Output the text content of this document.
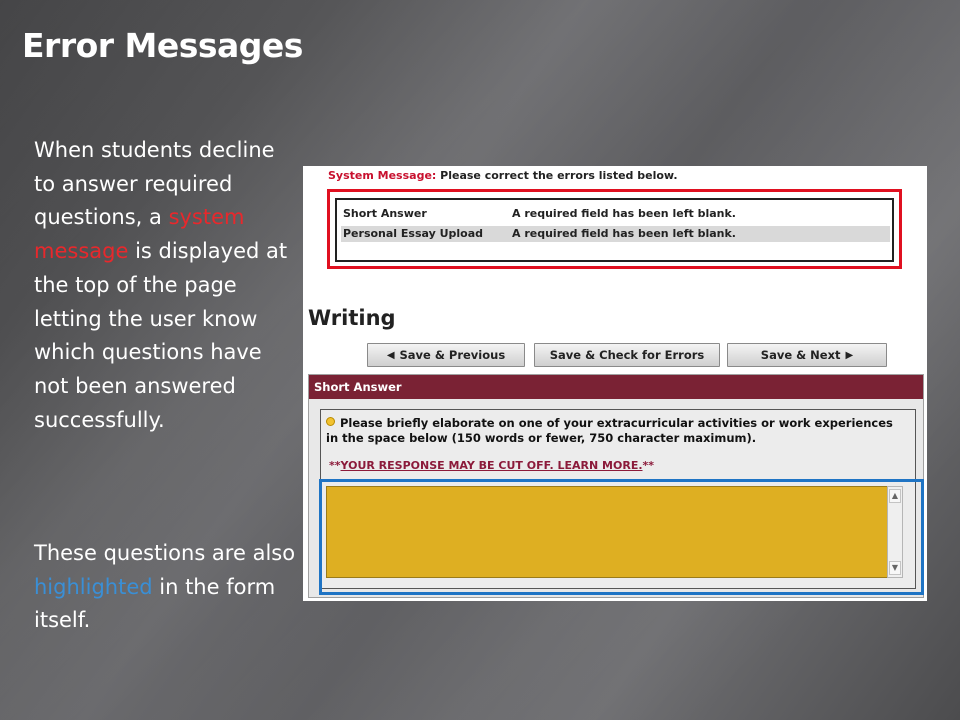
Error Messages
When students decline to answer required questions, a system message is displayed at the top of the page letting the user know which questions have not been answered successfully.
These questions are also highlighted in the form itself.
System Message: Please correct the errors listed below.
Short Answer	A required field has been left blank.
Personal Essay Upload	A required field has been left blank.
Writing
◀ Save & Previous	Save & Check for Errors	Save & Next ▶
Short Answer
Please briefly elaborate on one of your extracurricular activities or work experiences in the space below (150 words or fewer, 750 character maximum).
**YOUR RESPONSE MAY BE CUT OFF. LEARN MORE.**
▲
▼
